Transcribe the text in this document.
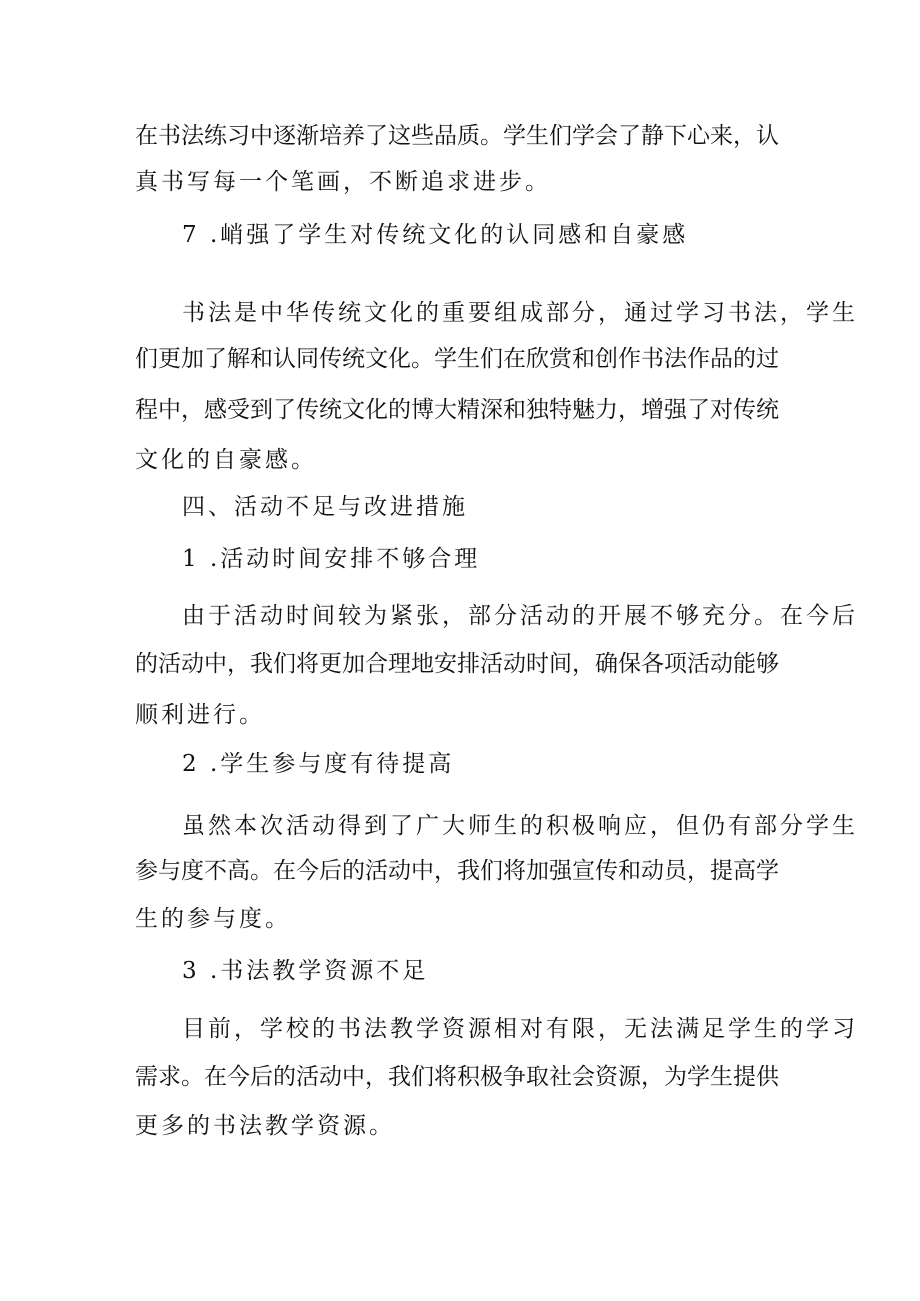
在书法练习中逐渐培养了这些品质。学生们学会了静下心来，认
真书写每一个笔画，不断追求进步。
7 .峭强了学生对传统文化的认同感和自豪感
书法是中华传统文化的重要组成部分，通过学习书法，学生
们更加了解和认同传统文化。学生们在欣赏和创作书法作品的过
程中，感受到了传统文化的博大精深和独特魅力，增强了对传统
文化的自豪感。
四、活动不足与改进措施
1 .活动时间安排不够合理
由于活动时间较为紧张，部分活动的开展不够充分。在今后
的活动中，我们将更加合理地安排活动时间，确保各项活动能够
顺利进行。
2 .学生参与度有待提高
虽然本次活动得到了广大师生的积极响应，但仍有部分学生
参与度不高。在今后的活动中，我们将加强宣传和动员，提高学
生的参与度。
3 .书法教学资源不足
目前，学校的书法教学资源相对有限，无法满足学生的学习
需求。在今后的活动中，我们将积极争取社会资源，为学生提供
更多的书法教学资源。
